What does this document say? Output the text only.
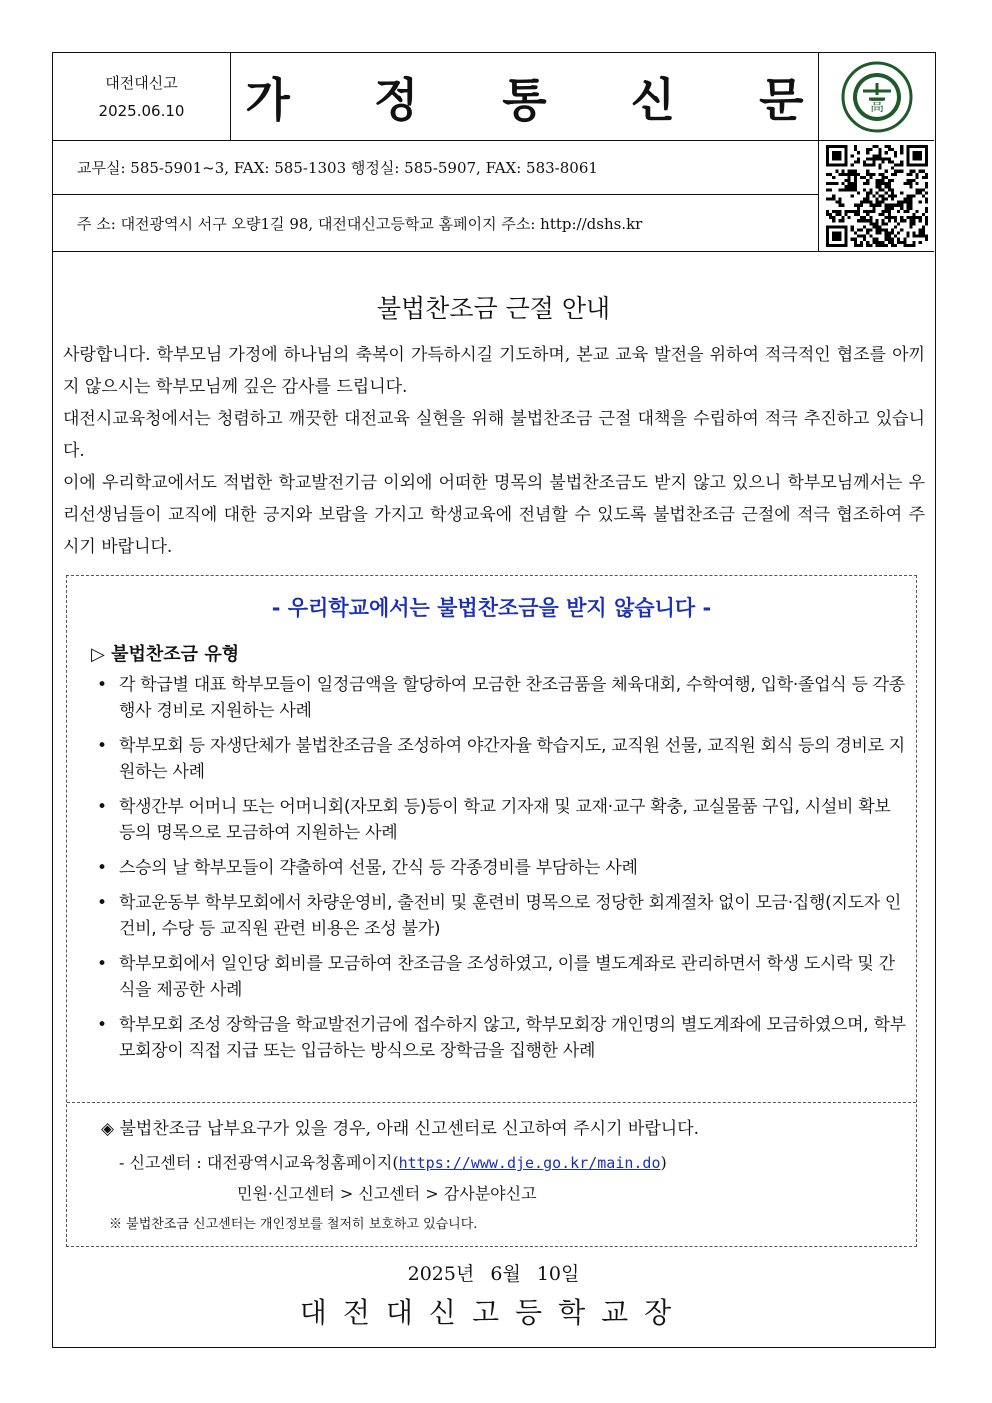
대전대신고
2025.06.10 가 정 통 신 문 高
교무실: 585-5901~3, FAX: 585-1303 행정실: 585-5907, FAX: 583-8061
주 소: 대전광역시 서구 오량1길 98, 대전대신고등학교 홈페이지 주소: http://dshs.kr
불법찬조금 근절 안내
사랑합니다. 학부모님 가정에 하나님의 축복이 가득하시길 기도하며, 본교 교육 발전을 위하여 적극적인 협조를 아끼지 않으시는 학부모님께 깊은 감사를 드립니다.
대전시교육청에서는 청렴하고 깨끗한 대전교육 실현을 위해 불법찬조금 근절 대책을 수립하여 적극 추진하고 있습니다.
이에 우리학교에서도 적법한 학교발전기금 이외에 어떠한 명목의 불법찬조금도 받지 않고 있으니 학부모님께서는 우리선생님들이 교직에 대한 긍지와 보람을 가지고 학생교육에 전념할 수 있도록 불법찬조금 근절에 적극 협조하여 주시기 바랍니다.
- 우리학교에서는 불법찬조금을 받지 않습니다 -
▷ 불법찬조금 유형
• 각 학급별 대표 학부모들이 일정금액을 할당하여 모금한 찬조금품을 체육대회, 수학여행, 입학·졸업식 등 각종 행사 경비로 지원하는 사례
• 학부모회 등 자생단체가 불법찬조금을 조성하여 야간자율 학습지도, 교직원 선물, 교직원 회식 등의 경비로 지원하는 사례
• 학생간부 어머니 또는 어머니회(자모회 등)등이 학교 기자재 및 교재·교구 확충, 교실물품 구입, 시설비 확보 등의 명목으로 모금하여 지원하는 사례
• 스승의 날 학부모들이 갹출하여 선물, 간식 등 각종경비를 부담하는 사례
• 학교운동부 학부모회에서 차량운영비, 출전비 및 훈련비 명목으로 정당한 회계절차 없이 모금·집행(지도자 인건비, 수당 등 교직원 관련 비용은 조성 불가)
• 학부모회에서 일인당 회비를 모금하여 찬조금을 조성하였고, 이를 별도계좌로 관리하면서 학생 도시락 및 간식을 제공한 사례
• 학부모회 조성 장학금을 학교발전기금에 접수하지 않고, 학부모회장 개인명의 별도계좌에 모금하였으며, 학부모회장이 직접 지급 또는 입금하는 방식으로 장학금을 집행한 사례
◈ 불법찬조금 납부요구가 있을 경우, 아래 신고센터로 신고하여 주시기 바랍니다.
- 신고센터 : 대전광역시교육청홈페이지(https://www.dje.go.kr/main.do)
민원·신고센터 > 신고센터 > 감사분야신고
※ 불법찬조금 신고센터는 개인정보를 철저히 보호하고 있습니다.
2025년 6월 10일
대전대신고등학교장
